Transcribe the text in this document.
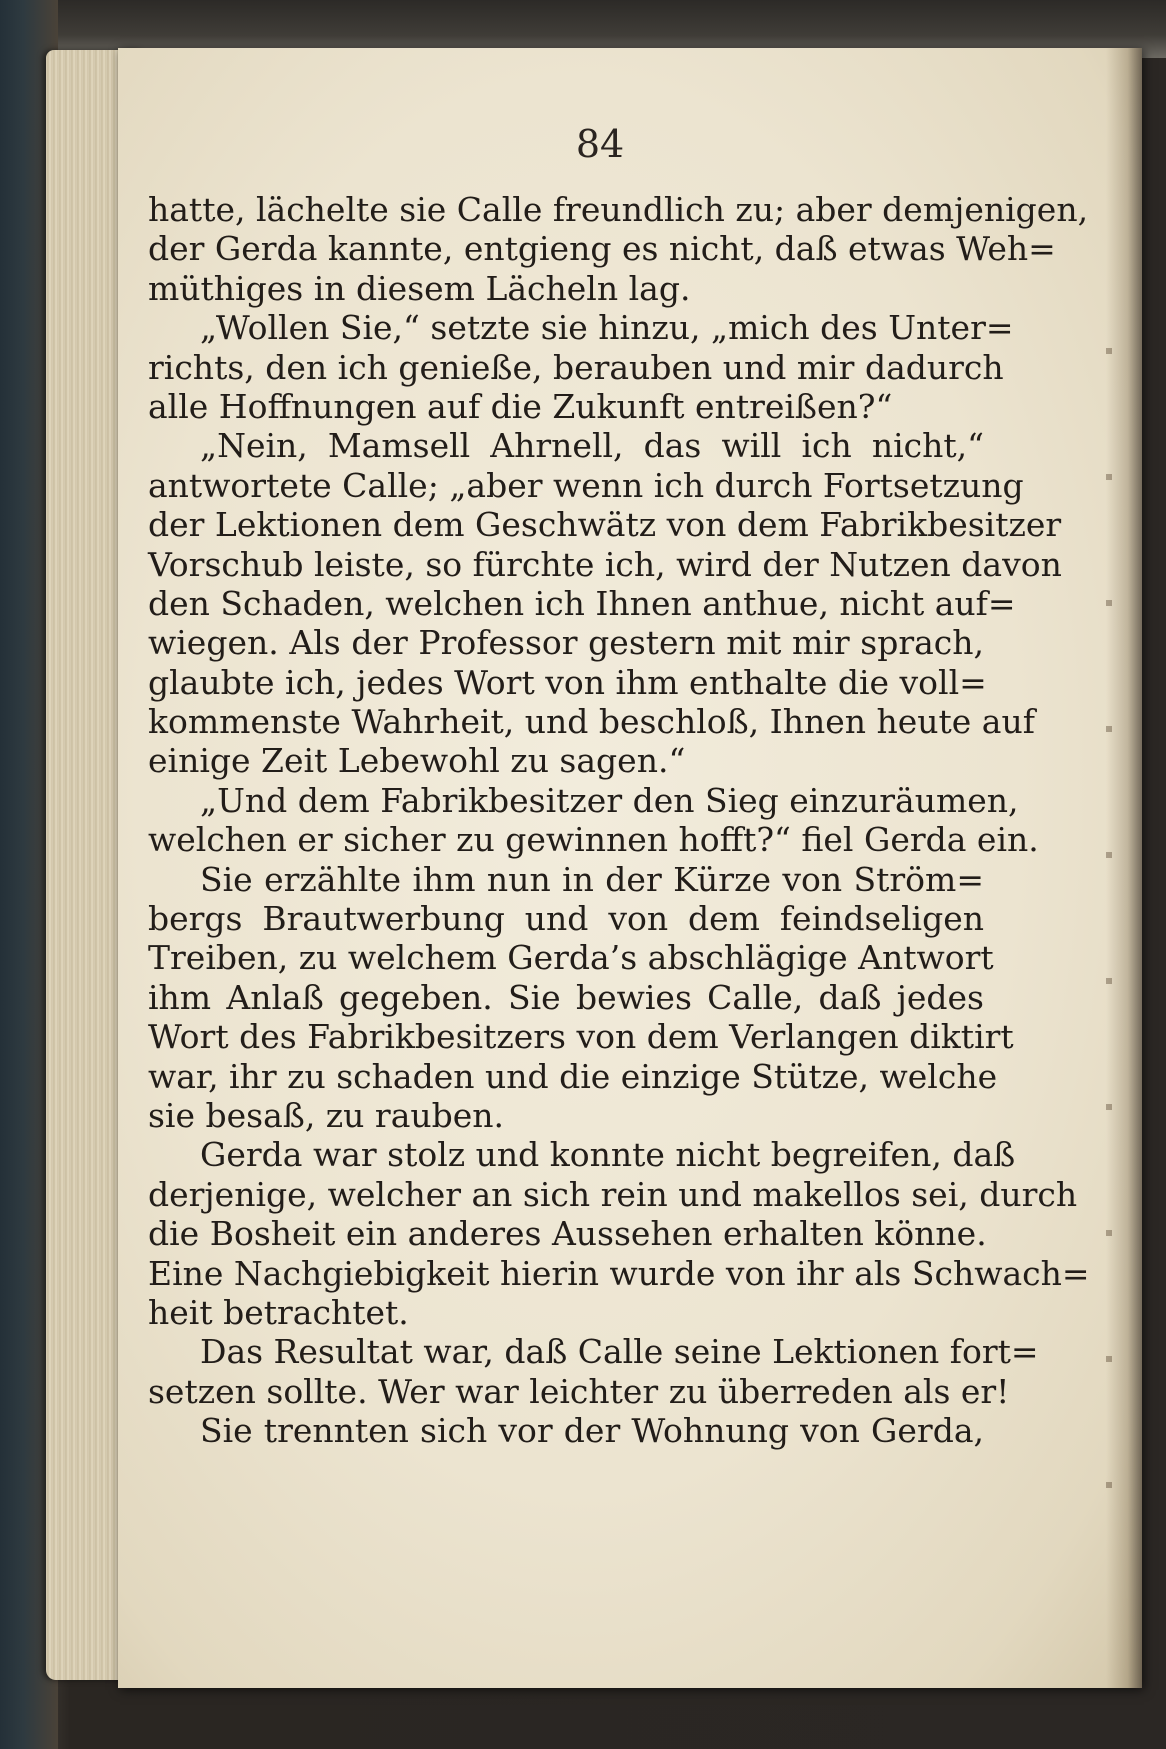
84
hatte, lächelte sie Calle freundlich zu; aber demjenigen,
der Gerda kannte, entgieng es nicht, daß etwas Weh=
müthiges in diesem Lächeln lag.
„Wollen Sie,“ setzte sie hinzu, „mich des Unter=
richts, den ich genieße, berauben und mir dadurch
alle Hoffnungen auf die Zukunft entreißen?“
„Nein, Mamsell Ahrnell, das will ich nicht,“
antwortete Calle; „aber wenn ich durch Fortsetzung
der Lektionen dem Geschwätz von dem Fabrikbesitzer
Vorschub leiste, so fürchte ich, wird der Nutzen davon
den Schaden, welchen ich Ihnen anthue, nicht auf=
wiegen. Als der Professor gestern mit mir sprach,
glaubte ich, jedes Wort von ihm enthalte die voll=
kommenste Wahrheit, und beschloß, Ihnen heute auf
einige Zeit Lebewohl zu sagen.“
„Und dem Fabrikbesitzer den Sieg einzuräumen,
welchen er sicher zu gewinnen hofft?“ fiel Gerda ein.
Sie erzählte ihm nun in der Kürze von Ström=
bergs Brautwerbung und von dem feindseligen
Treiben, zu welchem Gerda’s abschlägige Antwort
ihm Anlaß gegeben. Sie bewies Calle, daß jedes
Wort des Fabrikbesitzers von dem Verlangen diktirt
war, ihr zu schaden und die einzige Stütze, welche
sie besaß, zu rauben.
Gerda war stolz und konnte nicht begreifen, daß
derjenige, welcher an sich rein und makellos sei, durch
die Bosheit ein anderes Aussehen erhalten könne.
Eine Nachgiebigkeit hierin wurde von ihr als Schwach=
heit betrachtet.
Das Resultat war, daß Calle seine Lektionen fort=
setzen sollte. Wer war leichter zu überreden als er!
Sie trennten sich vor der Wohnung von Gerda,
